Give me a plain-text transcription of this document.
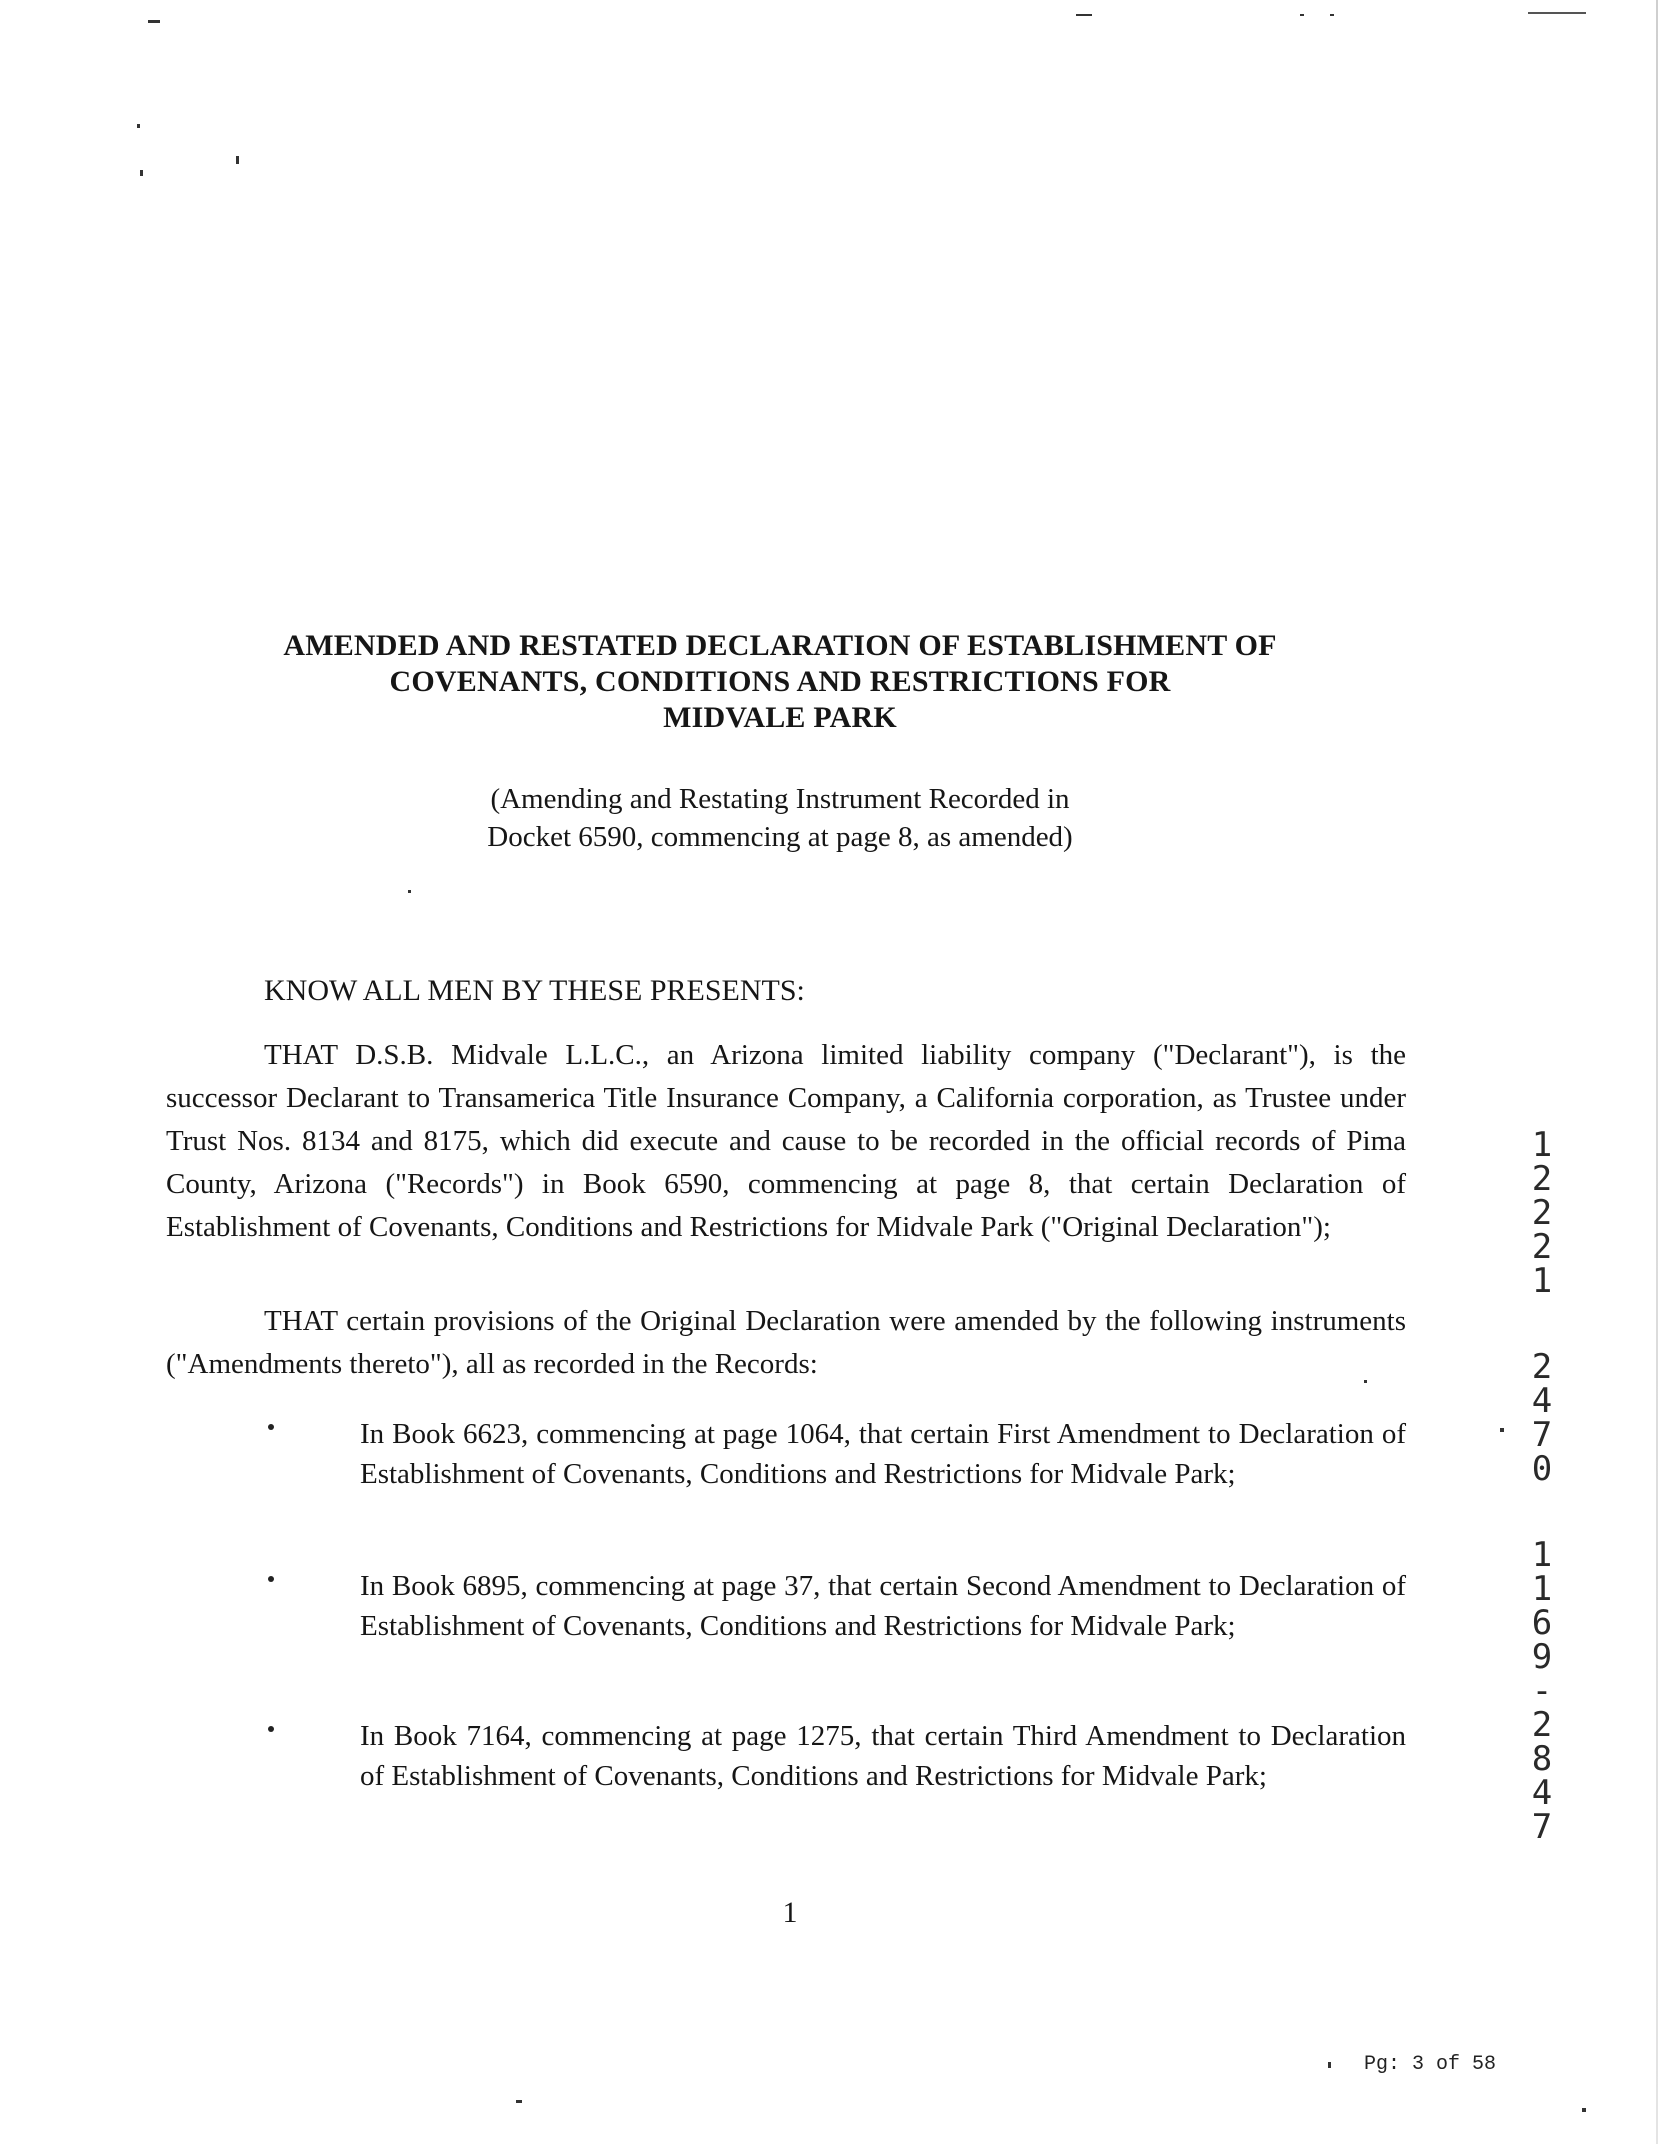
AMENDED AND RESTATED DECLARATION OF ESTABLISHMENT OF
COVENANTS, CONDITIONS AND RESTRICTIONS FOR
MIDVALE PARK
(Amending and Restating Instrument Recorded in
Docket 6590, commencing at page 8, as amended)
KNOW ALL MEN BY THESE PRESENTS:
THAT D.S.B. Midvale L.L.C., an Arizona limited liability company ("Declarant"), is the successor Declarant to Transamerica Title Insurance Company, a California corporation, as Trustee under Trust Nos. 8134 and 8175, which did execute and cause to be recorded in the official records of Pima County, Arizona ("Records") in Book 6590, commencing at page 8, that certain Declaration of Establishment of Covenants, Conditions and Restrictions for Midvale Park ("Original Declaration");
THAT certain provisions of the Original Declaration were amended by the following instruments ("Amendments thereto"), all as recorded in the Records:
In Book 6623, commencing at page 1064, that certain First Amendment to Declaration of Establishment of Covenants, Conditions and Restrictions for Midvale Park;
In Book 6895, commencing at page 37, that certain Second Amendment to Declaration of Establishment of Covenants, Conditions and Restrictions for Midvale Park;
In Book 7164, commencing at page 1275, that certain Third Amendment to Declaration of Establishment of Covenants, Conditions and Restrictions for Midvale Park;
1
2
2
2
1
2
4
7
0
1
1
6
9
-
2
8
4
7
1
Pg: 3 of 58
